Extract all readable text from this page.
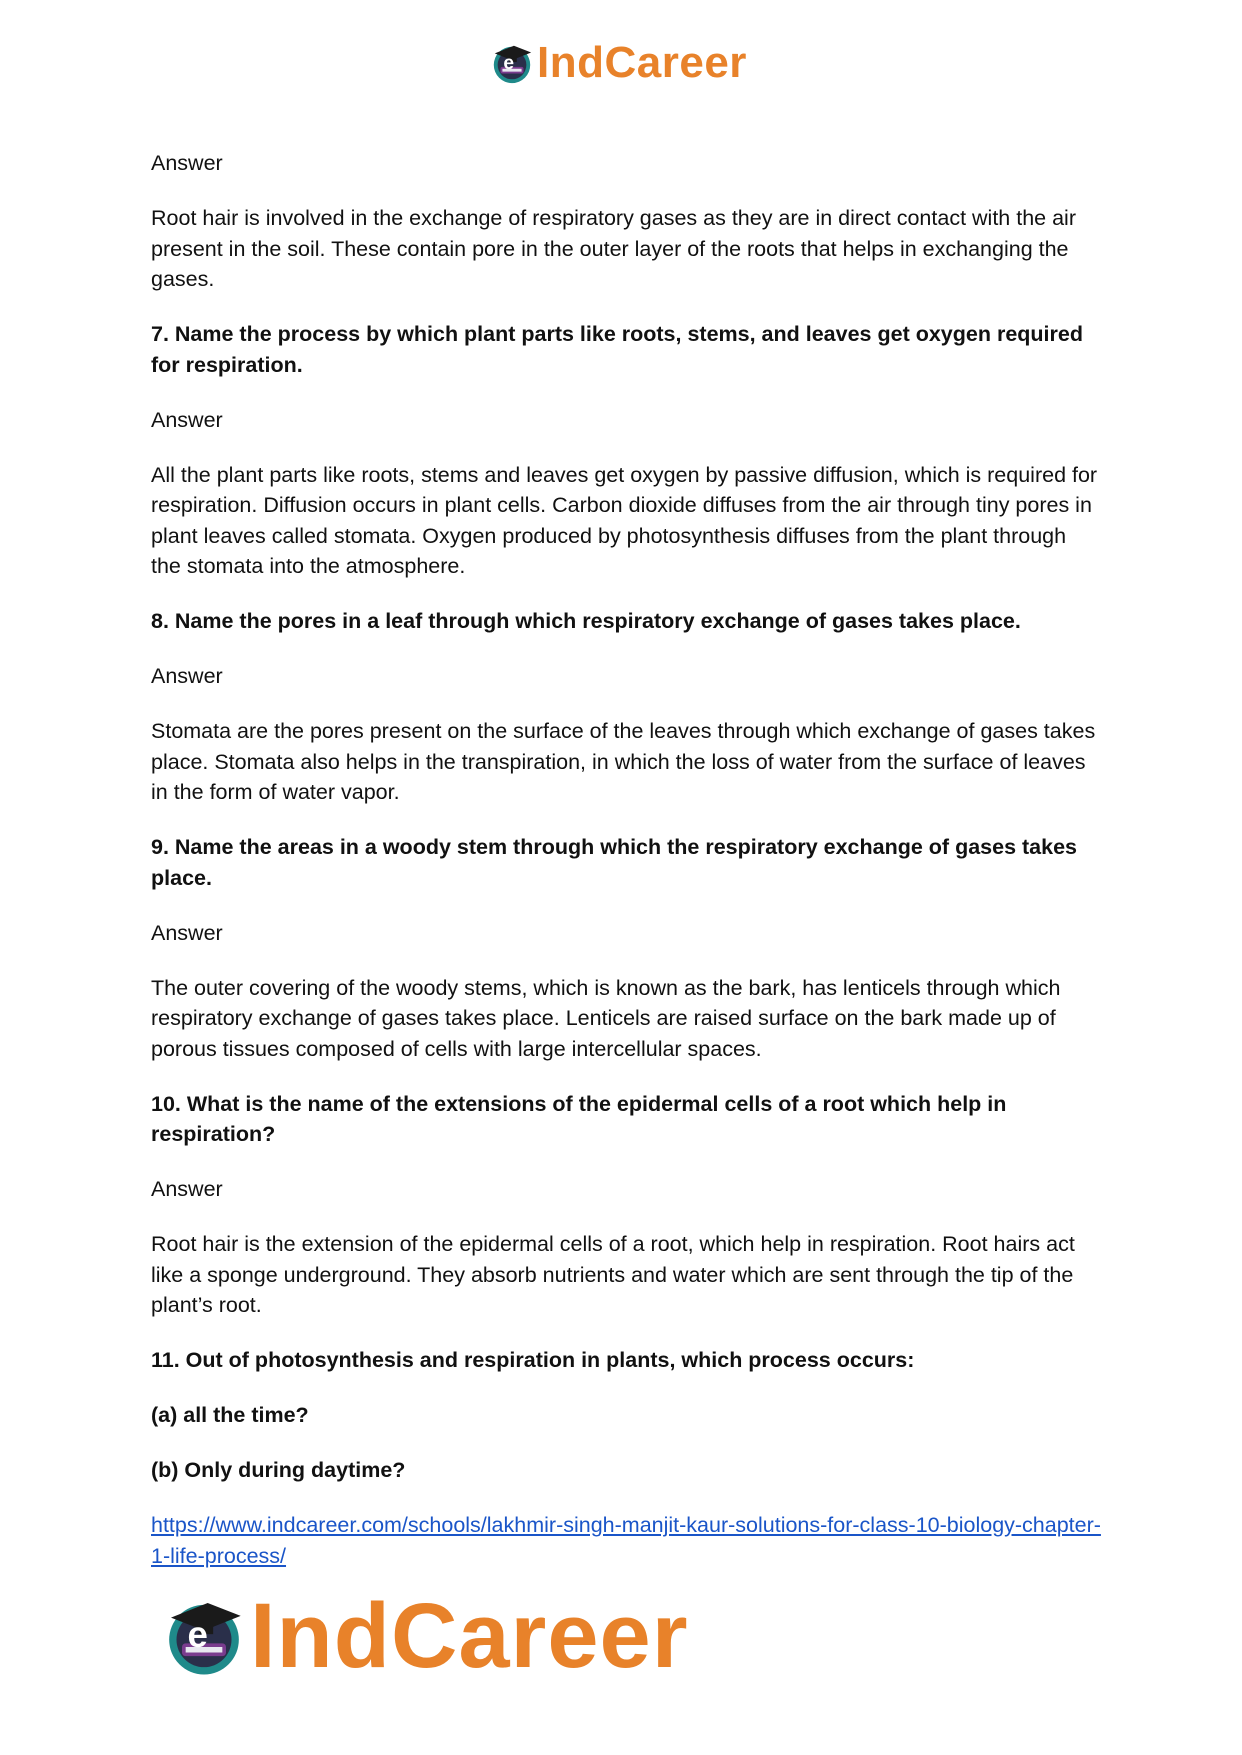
e IndCareer

Answer

Root hair is involved in the exchange of respiratory gases as they are in direct contact with the air present in the soil. These contain pore in the outer layer of the roots that helps in exchanging the gases.

7. Name the process by which plant parts like roots, stems, and leaves get oxygen required for respiration.

Answer

All the plant parts like roots, stems and leaves get oxygen by passive diffusion, which is required for respiration. Diffusion occurs in plant cells. Carbon dioxide diffuses from the air through tiny pores in plant leaves called stomata. Oxygen produced by photosynthesis diffuses from the plant through the stomata into the atmosphere.

8. Name the pores in a leaf through which respiratory exchange of gases takes place.

Answer

Stomata are the pores present on the surface of the leaves through which exchange of gases takes place. Stomata also helps in the transpiration, in which the loss of water from the surface of leaves in the form of water vapor.

9. Name the areas in a woody stem through which the respiratory exchange of gases takes place.

Answer

The outer covering of the woody stems, which is known as the bark, has lenticels through which respiratory exchange of gases takes place. Lenticels are raised surface on the bark made up of porous tissues composed of cells with large intercellular spaces.

10. What is the name of the extensions of the epidermal cells of a root which help in respiration?

Answer

Root hair is the extension of the epidermal cells of a root, which help in respiration. Root hairs act like a sponge underground. They absorb nutrients and water which are sent through the tip of the plant’s root.

11. Out of photosynthesis and respiration in plants, which process occurs:

(a) all the time?

(b) Only during daytime?

https://www.indcareer.com/schools/lakhmir-singh-manjit-kaur-solutions-for-class-10-biology-chapter-1-life-process/
e IndCareer
